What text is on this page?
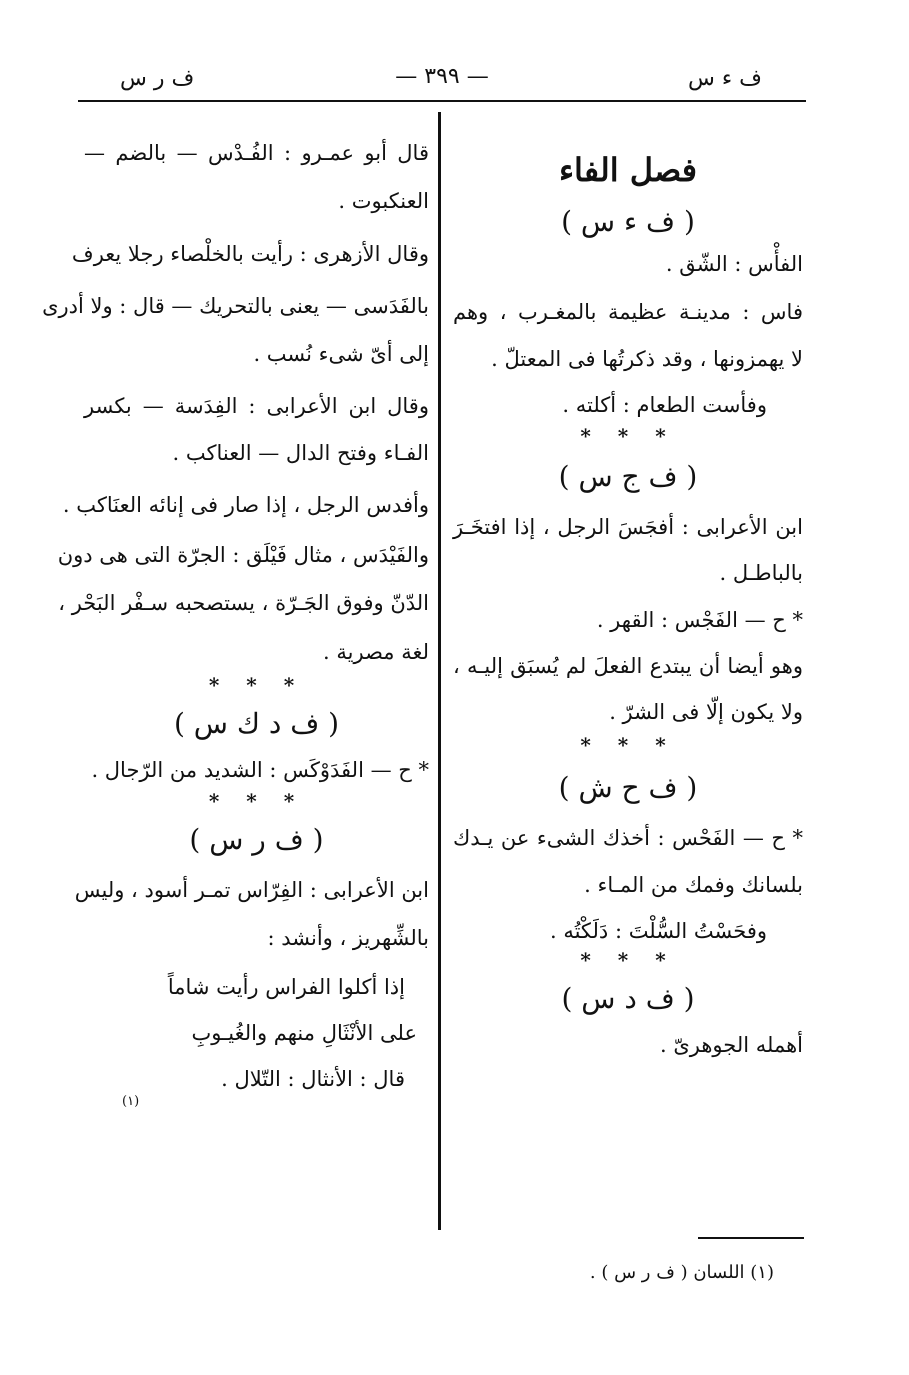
ف ء س
— ٣٩٩ —
ف ر س
فصل الفاء
( ف ء س )
الفأْس : الشّق .
فاس : مدينـة عظيمة بالمغـرب ، وهم
لا يهمزونها ، وقد ذكرتُها فى المعتلّ .
وفأست الطعام : أكلته .
* * *
( ف ج س )
ابن الأعرابى : أفجَسَ الرجل ، إذا افتخَـرَ
بالباطـل .
* ح — الفَجْس : القهر .
وهو أيضا أن يبتدع الفعلَ لم يُسبَق إليـه ،
ولا يكون إلّا فى الشرّ .
* * *
( ف ح ش )
* ح — الفَحْس : أخذك الشىء عن يـدك
بلسانك وفمك من المـاء .
وفحَسْتُ السُّلْتَ : دَلَكْتُه .
* * *
( ف د س )
أهمله الجوهرىّ .
قال أبو عمـرو : الفُـدْس — بالضم —
العنكبوت .
وقال الأزهرى : رأيت بالخلْصاء رجلا يعرف
بالفَدَسى — يعنى بالتحريك — قال : ولا أدرى
إلى أىّ شىء نُسب .
وقال ابن الأعرابى : الفِدَسة — بكسر
الفـاء وفتح الدال — العناكب .
وأفدس الرجل ، إذا صار فى إنائه العنَاكب .
والفَيْدَس ، مثال فَيْلَق : الجرّة التى هى دون
الدّنّ وفوق الجَـرّة ، يستصحبه سـفْر البَحْر ،
لغة مصرية .
* * *
( ف د ك س )
* ح — الفَدَوْكَس : الشديد من الرّجال .
* * *
( ف ر س )
ابن الأعرابى : الفِرّاس تمـر أسود ، وليس
بالشِّهريز ، وأنشد :
إذا أكلوا الفراس رأيت شاماً
على الأنْثَالِ منهم والغُيـوبِ
قال : الأنثال : التّلال .
(١)
(١) اللسان ( ف ر س ) .
